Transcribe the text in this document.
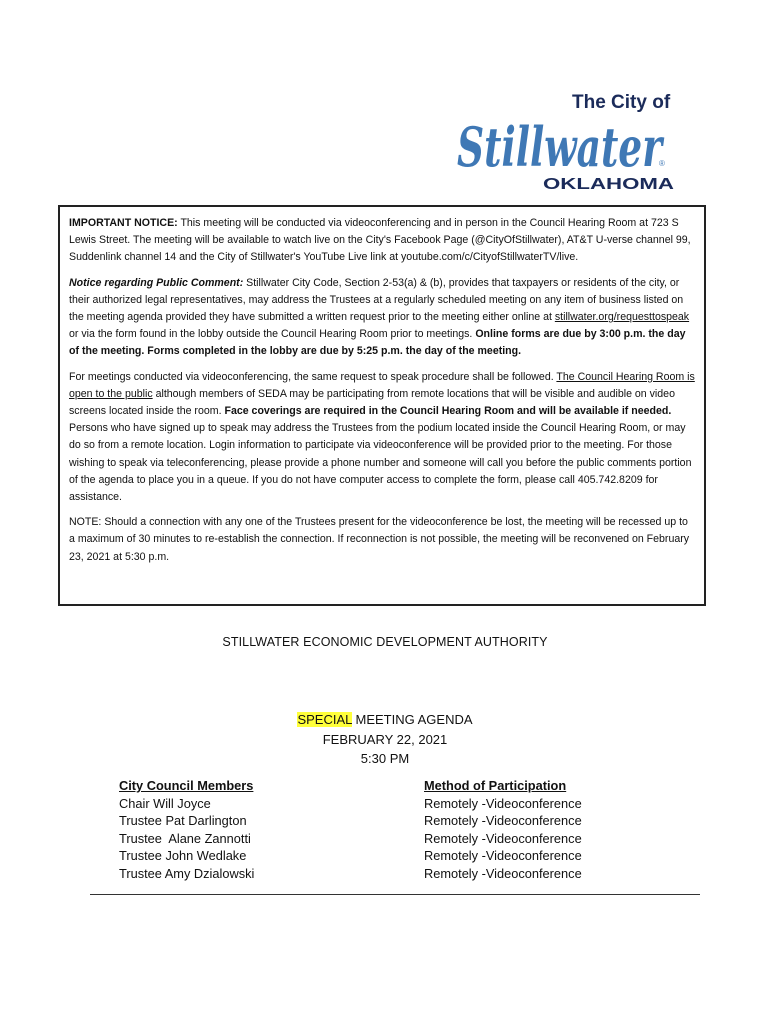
The City of
Stillwater
®
OKLAHOMA

IMPORTANT NOTICE: This meeting will be conducted via videoconferencing and in person in the Council Hearing Room at 723 S Lewis Street. The meeting will be available to watch live on the City's Facebook Page (@CityOfStillwater), AT&T U-verse channel 99, Suddenlink channel 14 and the City of Stillwater's YouTube Live link at youtube.com/c/CityofStillwaterTV/live.

Notice regarding Public Comment: Stillwater City Code, Section 2-53(a) & (b), provides that taxpayers or residents of the city, or their authorized legal representatives, may address the Trustees at a regularly scheduled meeting on any item of business listed on the meeting agenda provided they have submitted a written request prior to the meeting either online at stillwater.org/requesttospeak or via the form found in the lobby outside the Council Hearing Room prior to meetings. Online forms are due by 3:00 p.m. the day of the meeting. Forms completed in the lobby are due by 5:25 p.m. the day of the meeting.

For meetings conducted via videoconferencing, the same request to speak procedure shall be followed. The Council Hearing Room is open to the public although members of SEDA may be participating from remote locations that will be visible and audible on video screens located inside the room. Face coverings are required in the Council Hearing Room and will be available if needed. Persons who have signed up to speak may address the Trustees from the podium located inside the Council Hearing Room, or may do so from a remote location. Login information to participate via videoconference will be provided prior to the meeting. For those wishing to speak via teleconferencing, please provide a phone number and someone will call you before the public comments portion of the agenda to place you in a queue. If you do not have computer access to complete the form, please call 405.742.8209 for assistance.

NOTE: Should a connection with any one of the Trustees present for the videoconference be lost, the meeting will be recessed up to a maximum of 30 minutes to re-establish the connection. If reconnection is not possible, the meeting will be reconvened on February 23, 2021 at 5:30 p.m.

STILLWATER ECONOMIC DEVELOPMENT AUTHORITY
SPECIAL MEETING AGENDA
FEBRUARY 22, 2021
5:30 PM
City Council Members
Chair Will Joyce
Trustee Pat Darlington
Trustee  Alane Zannotti
Trustee John Wedlake
Trustee Amy Dzialowski
Method of Participation
Remotely -Videoconference
Remotely -Videoconference
Remotely -Videoconference
Remotely -Videoconference
Remotely -Videoconference
